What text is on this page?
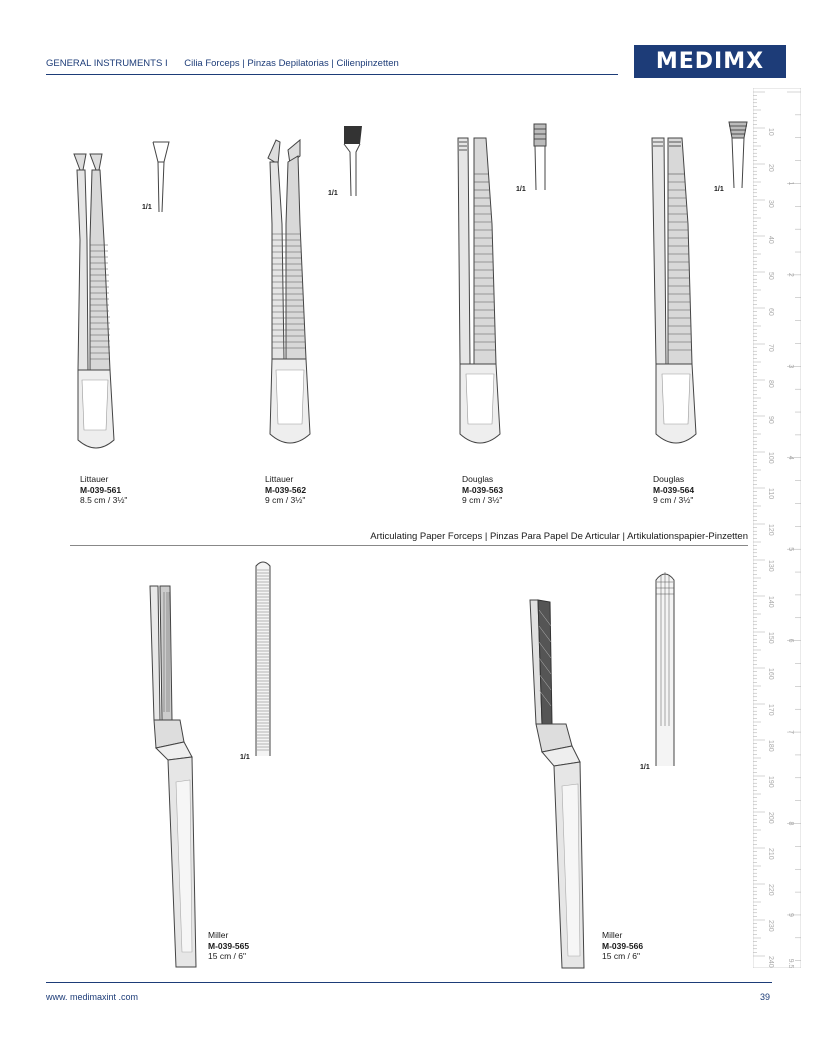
GENERAL INSTRUMENTS I Cilia Forceps | Pinzas Depilatorias | Cilienpinzetten	MEDIMX
10
20
30
40
50
60
70
80
90
100
110
120
130
140
150
160
170
180
190
200
210
220
230
240
1
2
3
4
5
6
7
8
9
9.5
1/1
Littauer
M-039-561
8.5 cm / 3½"
1/1
Littauer
M-039-562
9 cm / 3½"
1/1
Douglas
M-039-563
9 cm / 3½"
1/1
Douglas
M-039-564
9 cm / 3½"
Articulating Paper Forceps | Pinzas Para Papel De Articular | Artikulationspapier-Pinzetten
1/1
Miller
M-039-565
15 cm / 6"
1/1
Miller
M-039-566
15 cm / 6"
www. medimaxint .com	39
